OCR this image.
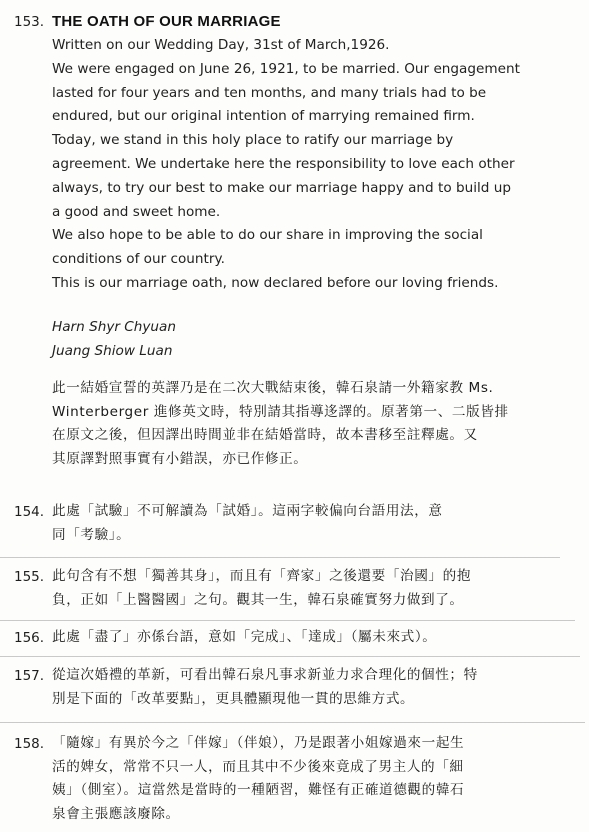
153. THE OATH OF OUR MARRIAGE
Written on our Wedding Day, 31st of March,1926.
We were engaged on June 26, 1921, to be married. Our engagement
lasted for four years and ten months, and many trials had to be
endured, but our original intention of marrying remained firm.
Today, we stand in this holy place to ratify our marriage by
agreement. We undertake here the responsibility to love each other
always, to try our best to make our marriage happy and to build up
a good and sweet home.
We also hope to be able to do our share in improving the social
conditions of our country.
This is our marriage oath, now declared before our loving friends.
Harn Shyr Chyuan
Juang Shiow Luan
此一結婚宣誓的英譯乃是在二次大戰結束後，韓石泉請一外籍家教 Ms.
Winterberger 進修英文時，特別請其指導迻譯的。原著第一、二版皆排
在原文之後，但因譯出時間並非在結婚當時，故本書移至註釋處。又
其原譯對照事實有小錯誤，亦已作修正。
154. 此處「試驗」不可解讀為「試婚」。這兩字較偏向台語用法，意
同「考驗」。
155. 此句含有不想「獨善其身」，而且有「齊家」之後還要「治國」的抱
負，正如「上醫醫國」之句。觀其一生，韓石泉確實努力做到了。
156. 此處「盡了」亦係台語，意如「完成」、「達成」（屬未來式）。
157. 從這次婚禮的革新，可看出韓石泉凡事求新並力求合理化的個性；特
別是下面的「改革要點」，更具體顯現他一貫的思維方式。
158. 「隨嫁」有異於今之「伴嫁」（伴娘），乃是跟著小姐嫁過來一起生
活的婢女，常常不只一人，而且其中不少後來竟成了男主人的「細
姨」（側室）。這當然是當時的一種陋習，難怪有正確道德觀的韓石
泉會主張應該廢除。
